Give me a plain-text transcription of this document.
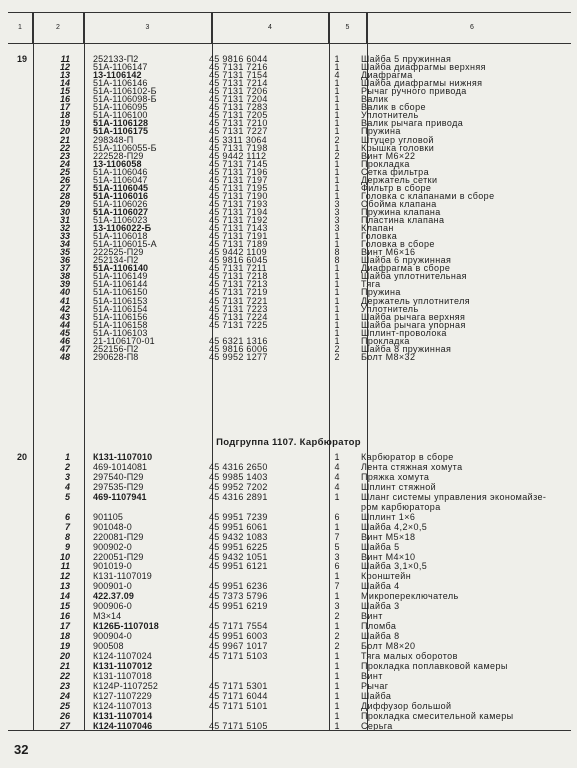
1	2	3	4	5	6
19	11	252133-П2	45 9816 6044	1	Шайба 5 пружинная
12	51А-1106147	45 7131 7216	1	Шайба диафрагмы верхняя
13	13-1106142	45 7131 7154	4	Диафрагма
14	51А-1106146	45 7131 7214	1	Шайба диафрагмы нижняя
15	51А-1106102-Б	45 7131 7206	1	Рычаг ручного привода
16	51А-1106098-Б	45 7131 7204	1	Валик
17	51А-1106095	45 7131 7283	1	Валик в сборе
18	51А-1106100	45 7131 7205	1	Уплотнитель
19	51А-1106128	45 7131 7210	1	Валик рычага привода
20	51А-1106175	45 7131 7227	1	Пружина
21	298348-П	45 3311 3064	2	Штуцер угловой
22	51А-1106055-Б	45 7131 7198	1	Крышка головки
23	222528-П29	45 9442 1112	2	Винт М6×22
24	13-1106058	45 7131 7145	1	Прокладка
25	51А-1106046	45 7131 7196	1	Сетка фильтра
26	51А-1106047	45 7131 7197	1	Держатель сетки
27	51А-1106045	45 7131 7195	1	Фильтр в сборе
28	51А-1106016	45 7131 7190	1	Головка с клапанами в сборе
29	51А-1106026	45 7131 7193	3	Обойма клапана
30	51А-1106027	45 7131 7194	3	Пружина клапана
31	51А-1106023	45 7131 7192	3	Пластина клапана
32	13-1106022-Б	45 7131 7143	3	Клапан
33	51А-1106018	45 7131 7191	1	Головка
34	51А-1106015-А	45 7131 7189	1	Головка в сборе
35	222525-П29	45 9442 1109	8	Винт М6×16
36	252134-П2	45 9816 6045	8	Шайба 6 пружинная
37	51А-1106140	45 7131 7211	1	Диафрагма в сборе
38	51А-1106149	45 7131 7218	1	Шайба уплотнительная
39	51А-1106144	45 7131 7213	1	Тяга
40	51А-1106150	45 7131 7219	1	Пружина
41	51А-1106153	45 7131 7221	1	Держатель уплотнителя
42	51А-1106154	45 7131 7223	1	Уплотнитель
43	51А-1106156	45 7131 7224	1	Шайба рычага верхняя
44	51А-1106158	45 7131 7225	1	Шайба рычага упорная
45	51А-1106103	1	Шплинт-проволока
46	21-1106170-01	45 6321 1316	1	Прокладка
47	252156-П2	45 9816 6006	2	Шайба 8 пружинная
48	290628-П8	45 9952 1277	2	Болт М8×32
Подгруппа 1107. Карбюратор
20	1	К131-1107010	1	Карбюратор в сборе
2	469-1014081	45 4316 2650	4	Лента стяжная хомута
3	297540-П29	45 9985 1403	4	Пряжка хомута
4	297535-П29	45 9952 7202	4	Шплинт стяжной
5	469-1107941	45 4316 2891	1	Шланг системы управления экономайзе-
ром карбюратора
6	901105	45 9951 7239	6	Шплинт 1×6
7	901048-0	45 9951 6061	1	Шайба 4,2×0,5
8	220081-П29	45 9432 1083	7	Винт М5×18
9	900902-0	45 9951 6225	5	Шайба 5
10	220051-П29	45 9432 1051	3	Винт М4×10
11	901019-0	45 9951 6121	6	Шайба 3,1×0,5
12	К131-1107019	1	Кронштейн
13	900901-0	45 9951 6236	7	Шайба 4
14	422.37.09	45 7373 5796	1	Микропереключатель
15	900906-0	45 9951 6219	3	Шайба 3
16	М3×14	2	Винт
17	К126Б-1107018	45 7171 7554	1	Пломба
18	900904-0	45 9951 6003	2	Шайба 8
19	900508	45 9967 1017	2	Болт М8×20
20	К124-1107024	45 7171 5103	1	Тяга малых оборотов
21	К131-1107012	1	Прокладка поплавковой камеры
22	К131-1107018	1	Винт
23	К124Р-1107252	45 7171 5301	1	Рычаг
24	К127-1107229	45 7171 6044	1	Шайба
25	К124-1107013	45 7171 5101	1	Диффузор большой
26	К131-1107014	1	Прокладка смесительной камеры
27	К124-1107046	45 7171 5105	1	Серьга
32
